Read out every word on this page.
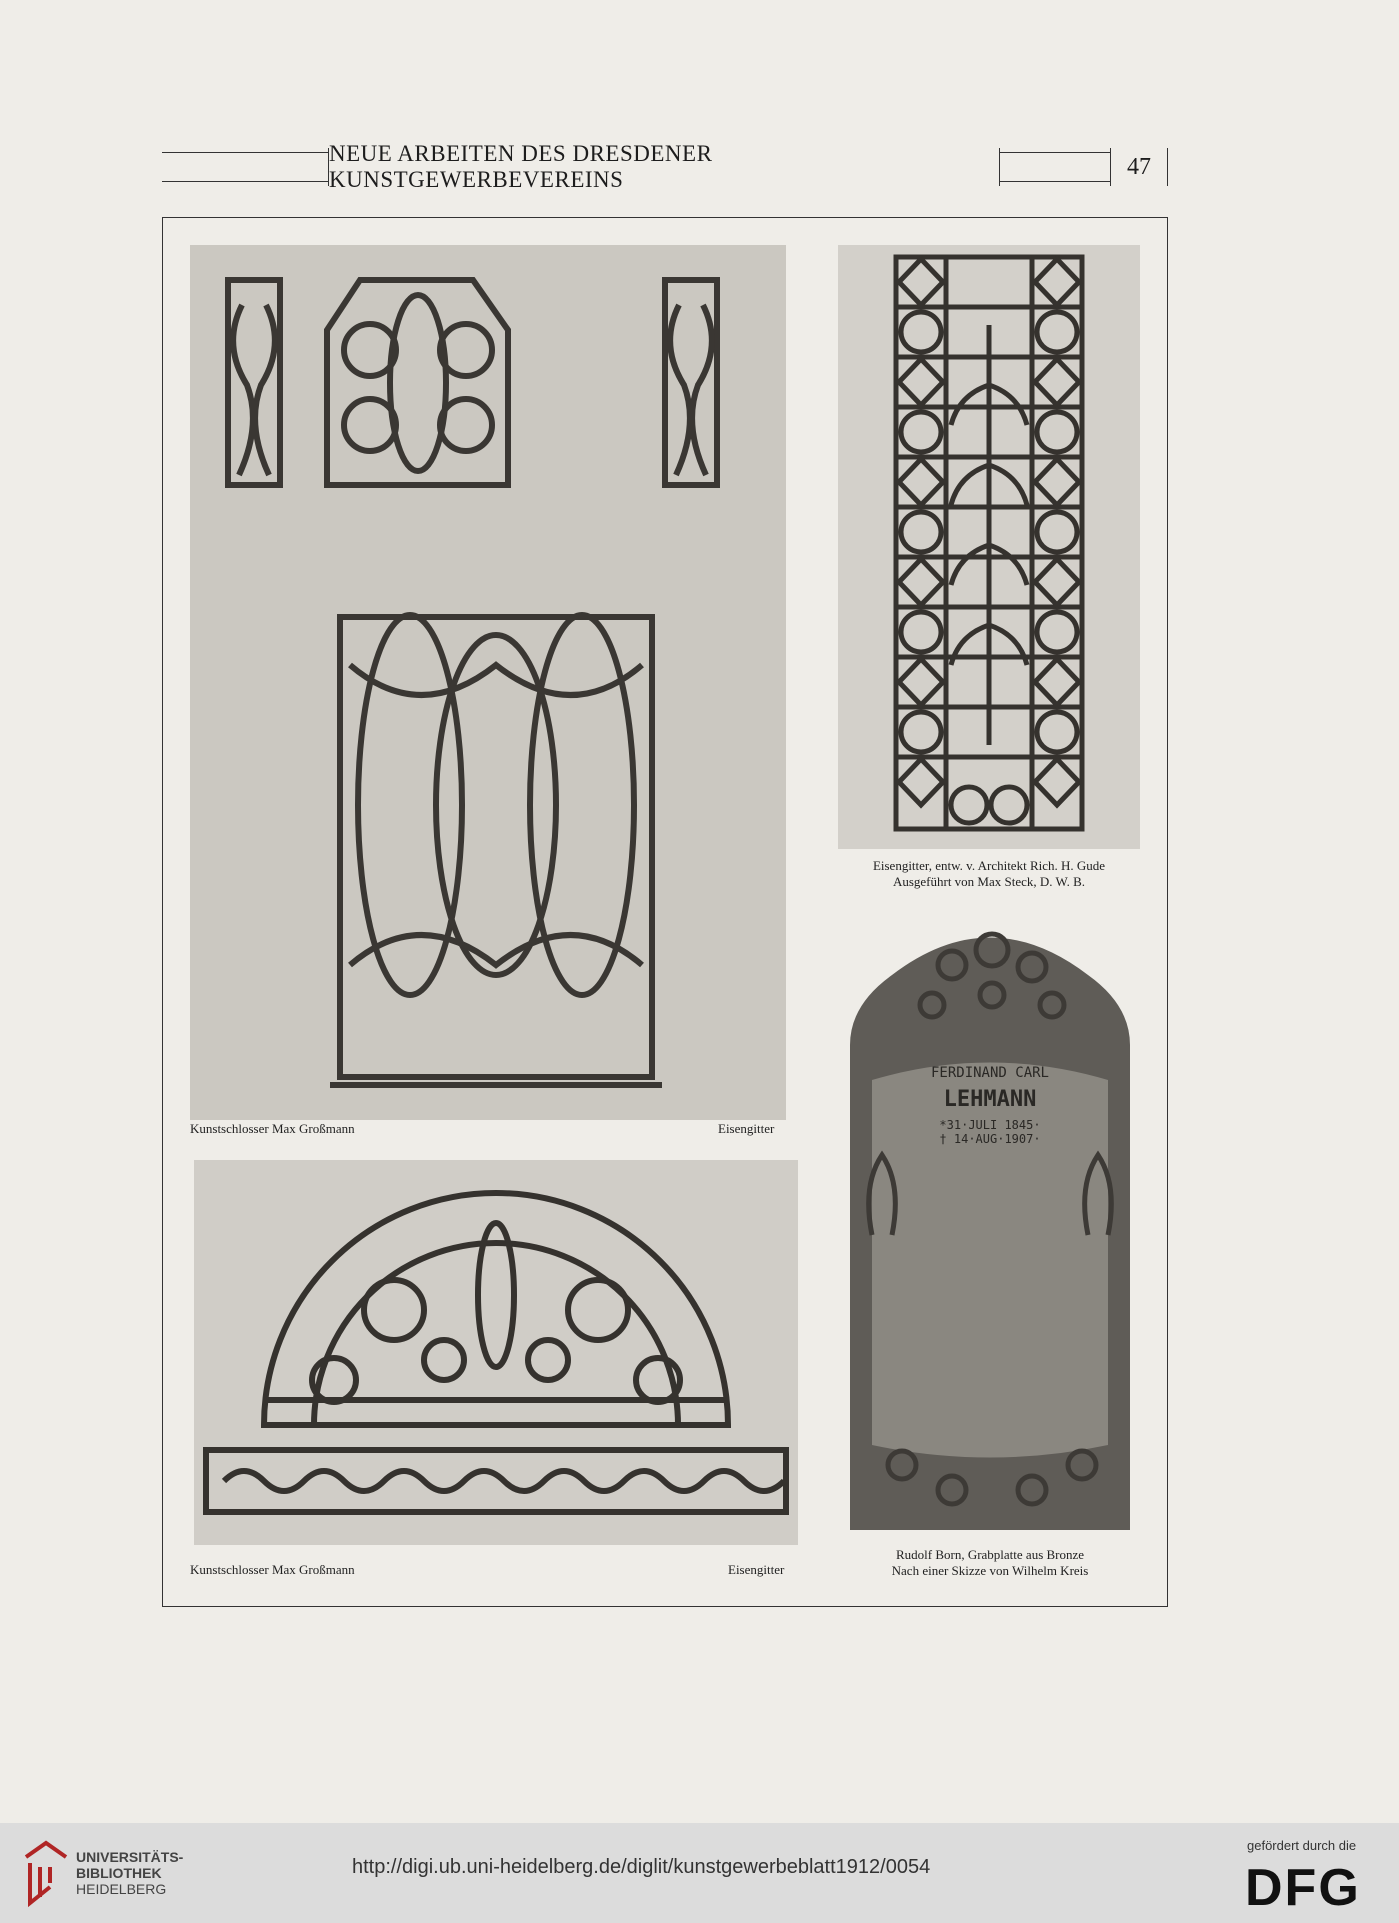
NEUE ARBEITEN DES DRESDENER KUNSTGEWERBEVEREINS	47
Kunstschlosser Max Großmann	Eisengitter
Eisengitter, entw. v. Architekt Rich. H. Gude
Ausgeführt von Max Steck, D. W. B.
Kunstschlosser Max Großmann	Eisengitter
FERDINAND CARL
LEHMANN
*31·JULI 1845·
† 14·AUG·1907·
Rudolf Born, Grabplatte aus Bronze
Nach einer Skizze von Wilhelm Kreis
UNIVERSITÄTS-
BIBLIOTHEK
HEIDELBERG
http://digi.ub.uni-heidelberg.de/diglit/kunstgewerbeblatt1912/0054
gefördert durch die
DFG
